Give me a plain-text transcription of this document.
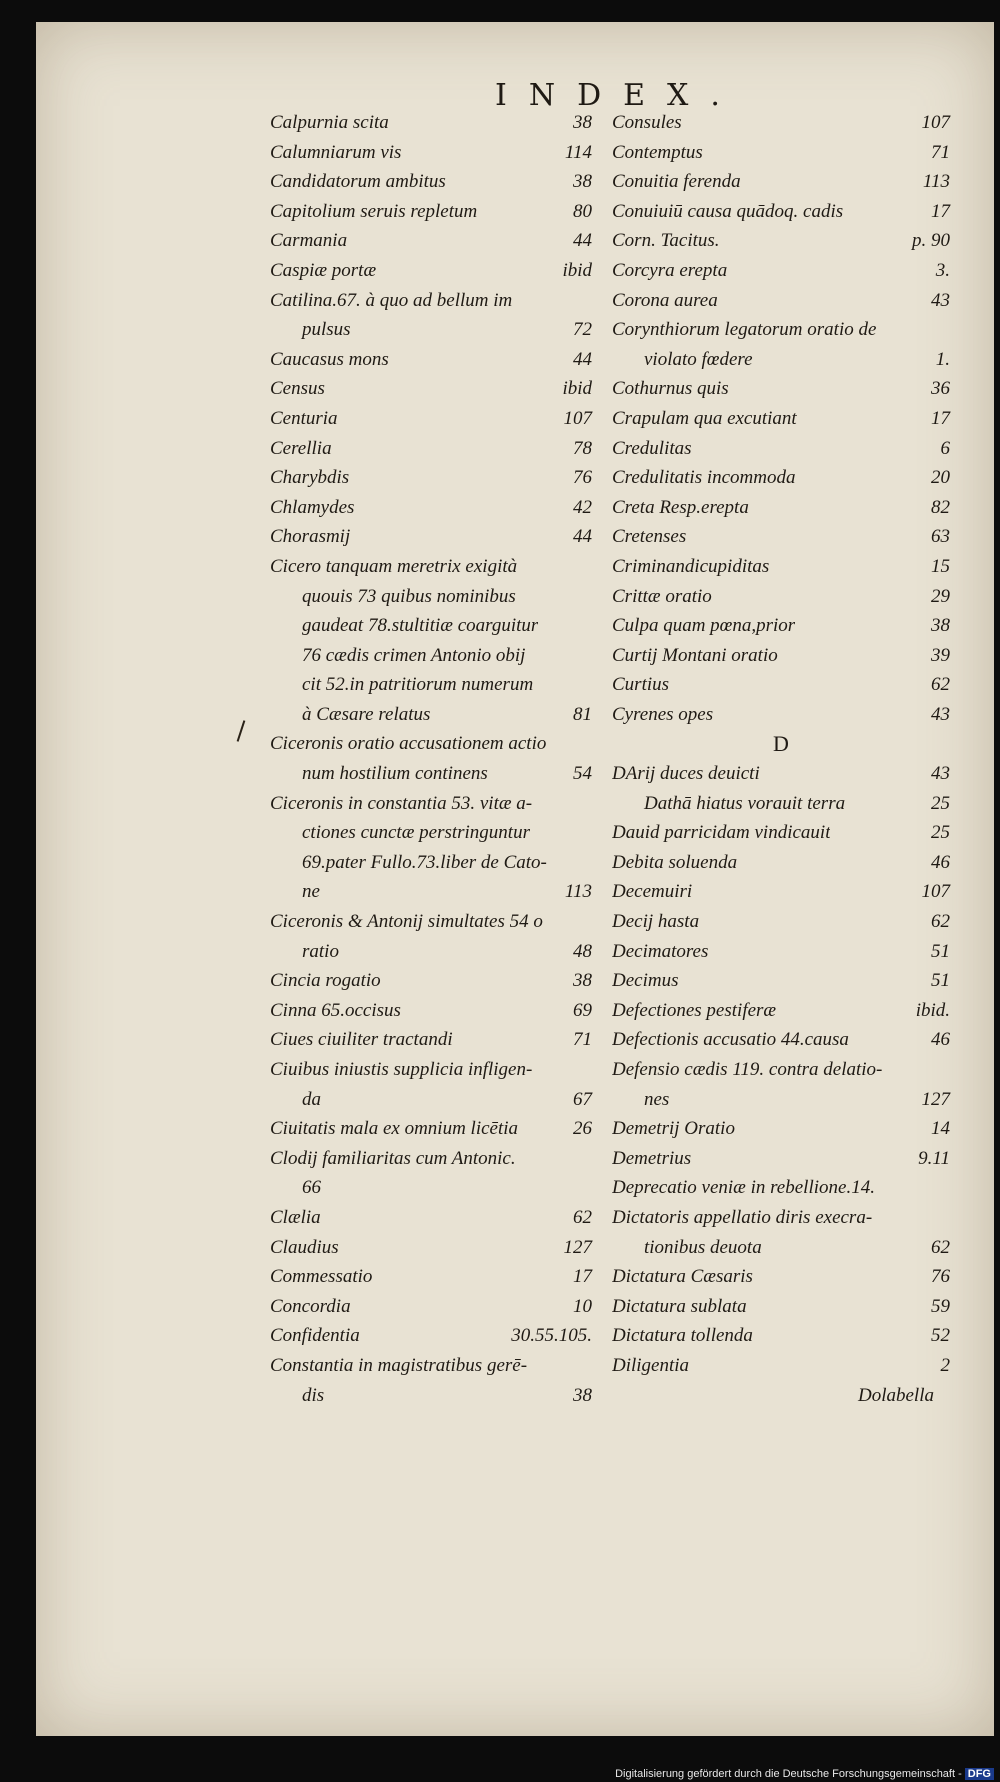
INDEX.
Calpurnia scita	38
Calumniarum vis	114
Candidatorum ambitus	38
Capitolium seruis repletum	80
Carmania	44
Caspiæ portæ	ibid
Catilina.67. à quo ad bellum im
pulsus	72
Caucasus mons	44
Census	ibid
Centuria	107
Cerellia	78
Charybdis	76
Chlamydes	42
Chorasmij	44
Cicero tanquam meretrix exigità
quouis 73 quibus nominibus
gaudeat 78.stultitiæ coarguitur
76 cædis crimen Antonio obij
cit 52.in patritiorum numerum
à Cæsare relatus	81
Ciceronis oratio accusationem actio
num hostilium continens	54
Ciceronis in constantia 53. vitæ a-
ctiones cunctæ perstringuntur
69.pater Fullo.73.liber de Cato-
ne	113
Ciceronis & Antonij simultates 54 o
ratio	48
Cincia rogatio	38
Cinna 65.occisus	69
Ciues ciuiliter tractandi	71
Ciuibus iniustis supplicia infligen-
da	67
Ciuitatis mala ex omnium licētia	26
Clodij familiaritas cum Antonic.
66
Clælia	62
Claudius	127
Commessatio	17
Concordia	10
Confidentia	30.55.105.
Constantia in magistratibus gerē-
dis	38
Consules	107
Contemptus	71
Conuitia ferenda	113
Conuiuiū causa quādoq. cadis	17
Corn. Tacitus.	p. 90
Corcyra erepta	3.
Corona aurea	43
Corynthiorum legatorum oratio de
violato fœdere	1.
Cothurnus quis	36
Crapulam qua excutiant	17
Credulitas	6
Credulitatis incommoda	20
Creta Resp.erepta	82
Cretenses	63
Criminandicupiditas	15
Crittæ oratio	29
Culpa quam pœna,prior	38
Curtij Montani oratio	39
Curtius	62
Cyrenes opes	43
D
DArij duces deuicti	43
Dathā hiatus vorauit terra	25
Dauid parricidam vindicauit	25
Debita soluenda	46
Decemuiri	107
Decij hasta	62
Decimatores	51
Decimus	51
Defectiones pestiferæ	ibid.
Defectionis accusatio 44.causa	46
Defensio cædis 119. contra delatio-
nes	127
Demetrij Oratio	14
Demetrius	9.11
Deprecatio veniæ in rebellione.14.
Dictatoris appellatio diris execra-
tionibus deuota	62
Dictatura Cæsaris	76
Dictatura sublata	59
Dictatura tollenda	52
Diligentia	2
Dolabella
Digitalisierung gefördert durch die Deutsche Forschungsgemeinschaft - DFG
